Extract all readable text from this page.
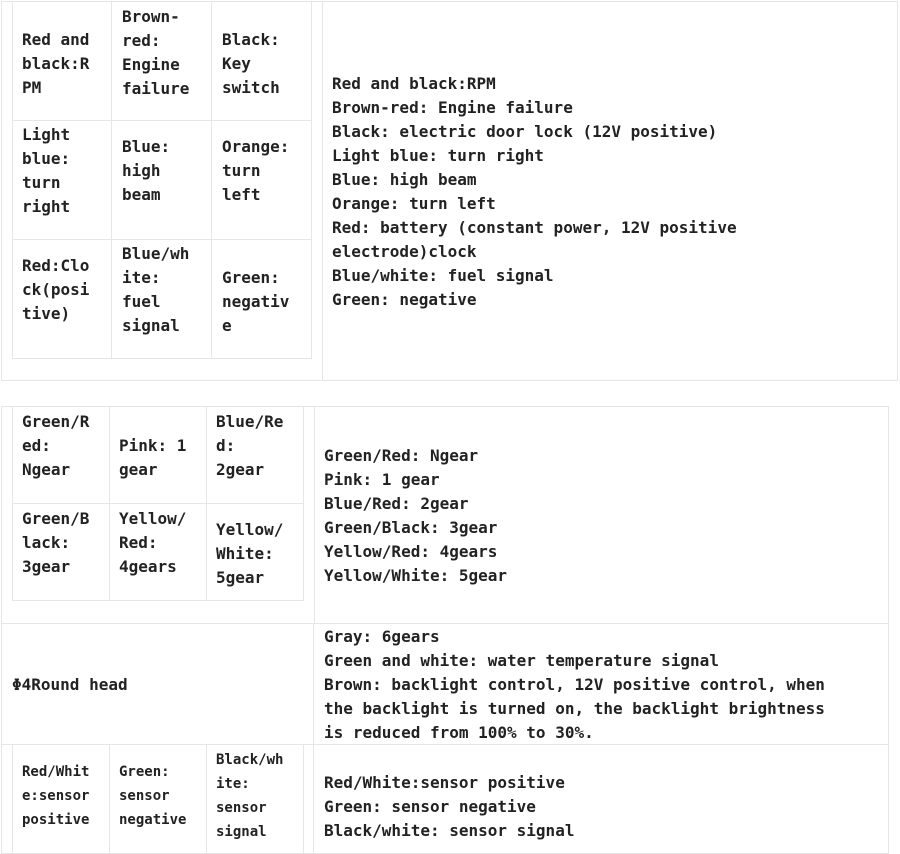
Red and
black:R
PM
Brown-
red:
Engine
failure
Black:
Key
switch
Light
blue:
turn
right
Blue:
high
beam
Orange:
turn
left
Red:Clo
ck(posi
tive)
Blue/wh
ite:
fuel
signal
Green:
negativ
e
Red and black:RPM
Brown-red: Engine failure
Black: electric door lock (12V positive)
Light blue: turn right
Blue: high beam
Orange: turn left
Red: battery (constant power, 12V positive
electrode)clock
Blue/white: fuel signal
Green: negative
Green/R
ed:
Ngear
Pink: 1
gear
Blue/Re
d:
2gear
Green/B
lack:
3gear
Yellow/
Red:
4gears
Yellow/
White:
5gear
Green/Red: Ngear
Pink: 1 gear
Blue/Red: 2gear
Green/Black: 3gear
Yellow/Red: 4gears
Yellow/White: 5gear
Φ4Round head
Gray: 6gears
Green and white: water temperature signal
Brown: backlight control, 12V positive control, when
the backlight is turned on, the backlight brightness
is reduced from 100% to 30%.
Red/Whit
e:sensor
positive
Green:
sensor
negative
Black/wh
ite:
sensor
signal
Red/White:sensor positive
Green: sensor negative
Black/white: sensor signal
